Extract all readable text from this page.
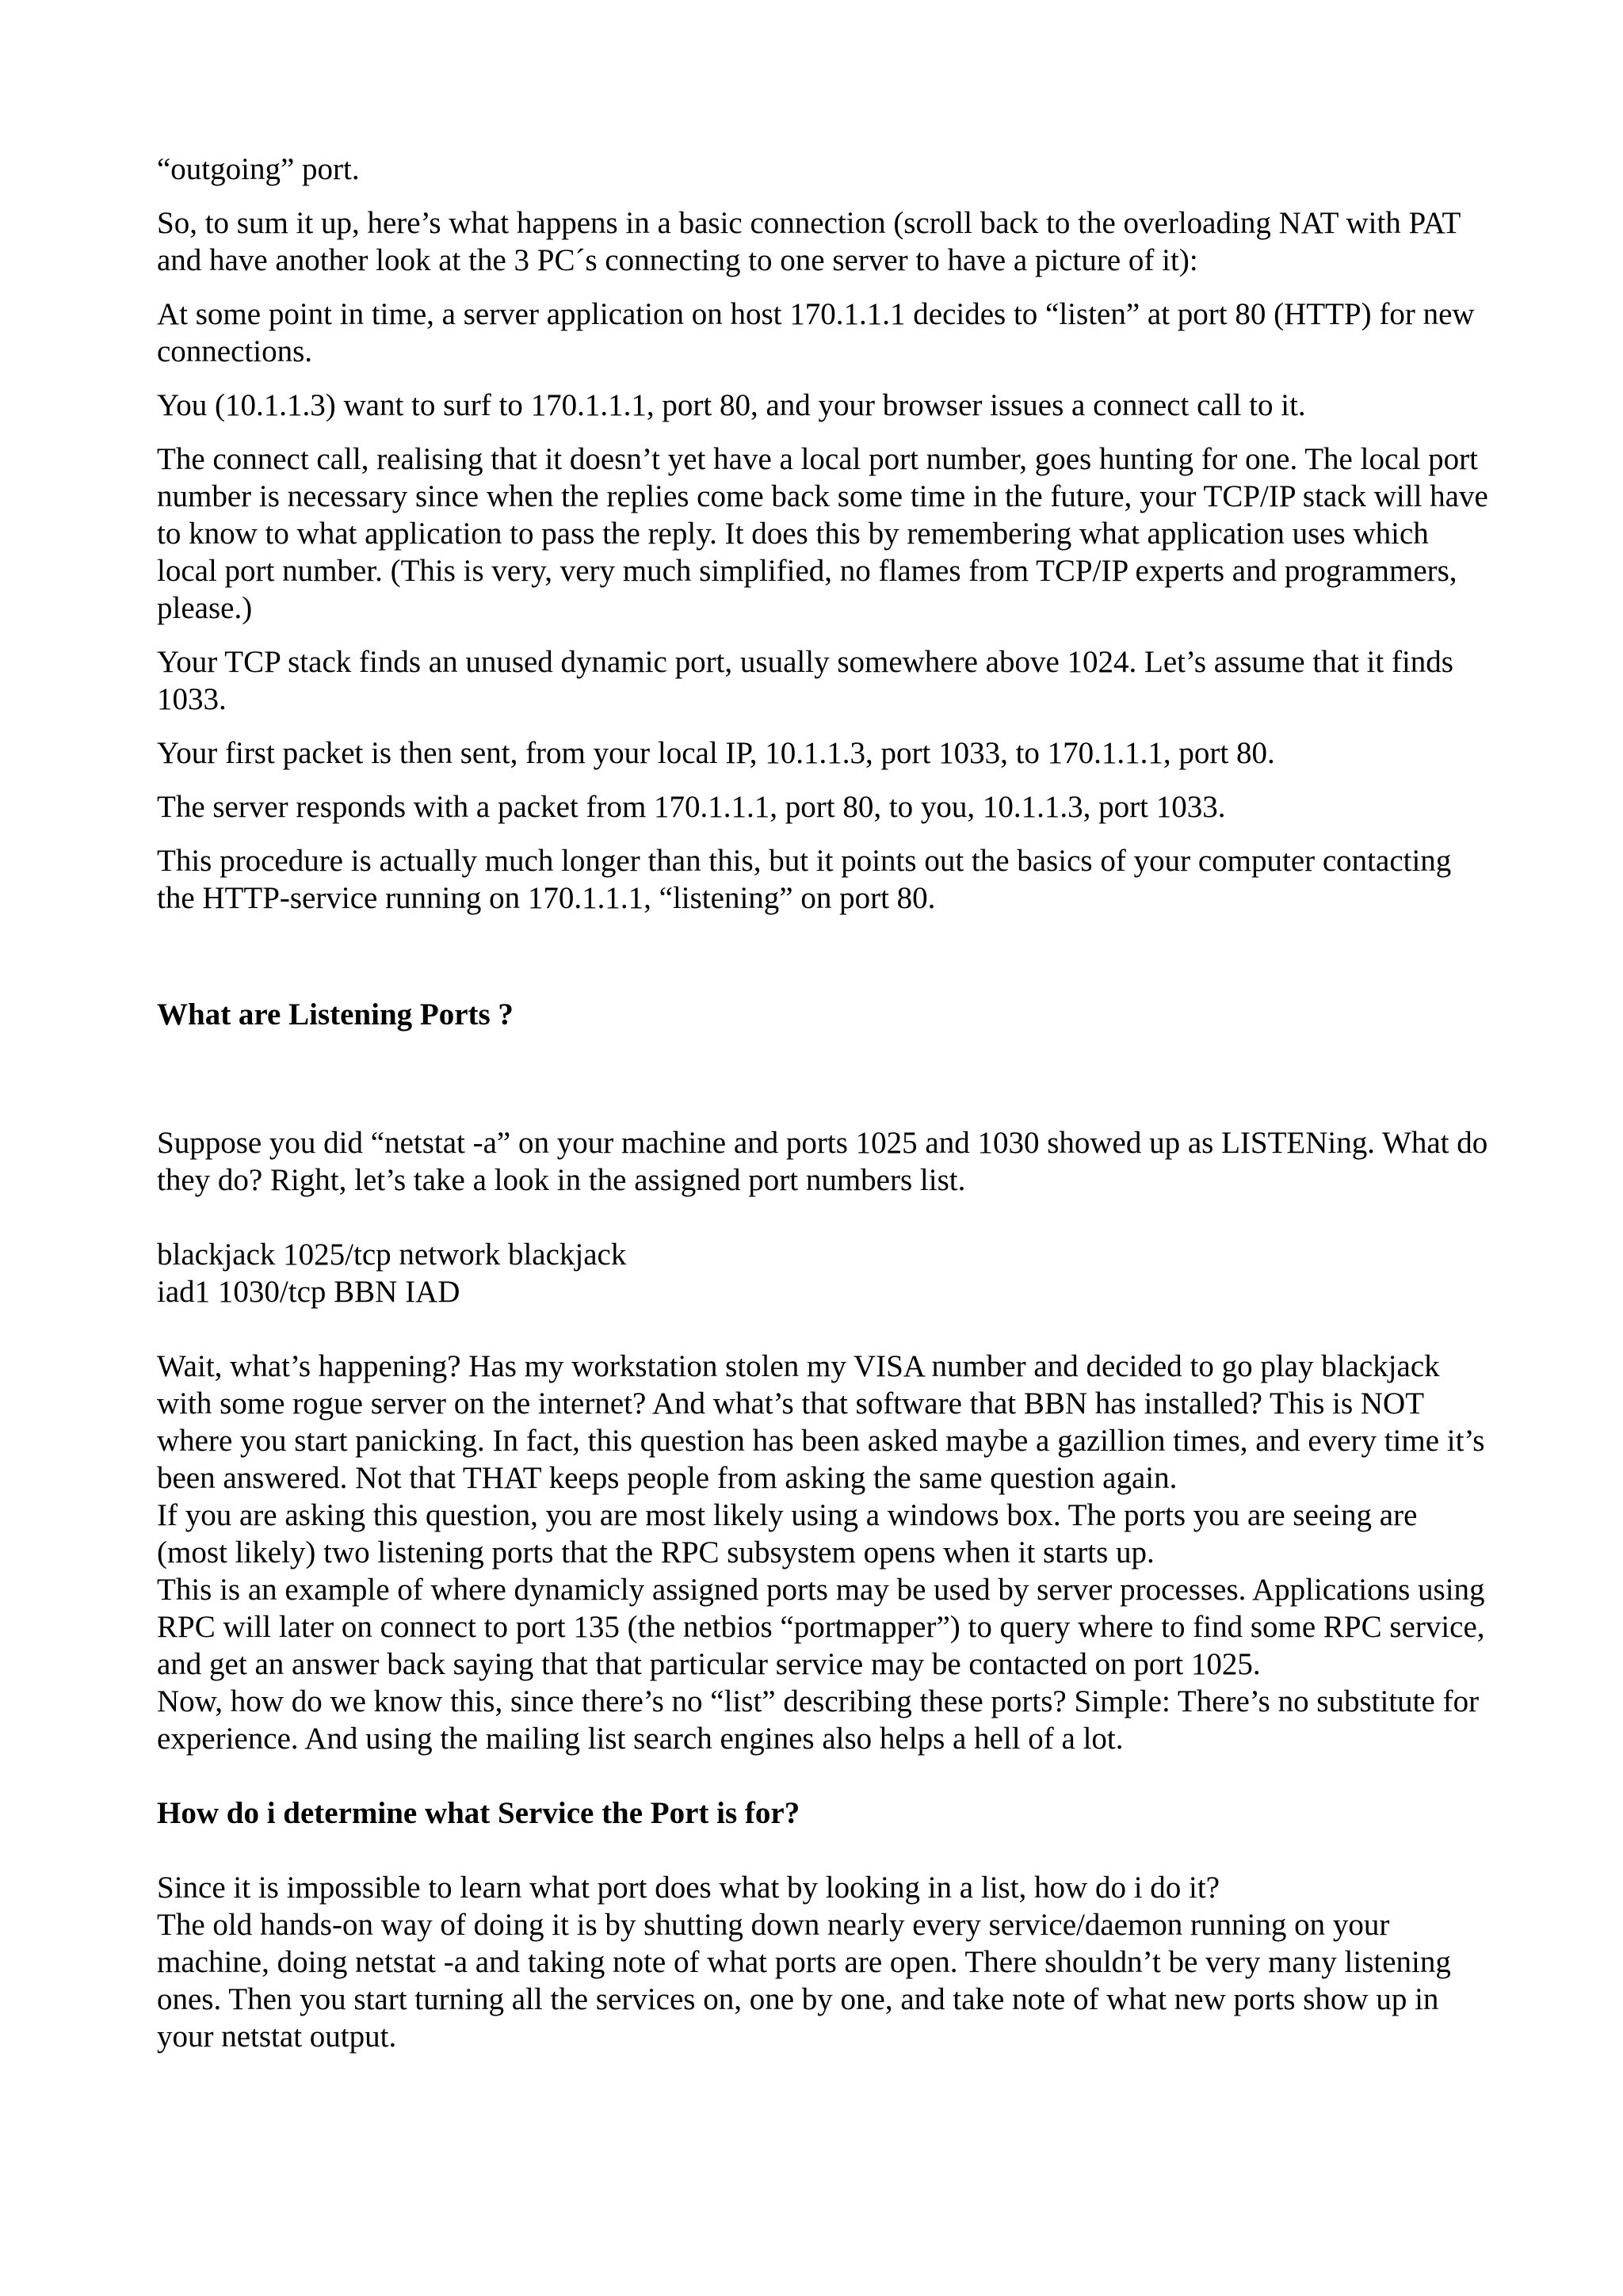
“outgoing” port.

So, to sum it up, here’s what happens in a basic connection (scroll back to the overloading NAT with PAT and have another look at the 3 PC´s connecting to one server to have a picture of it):

At some point in time, a server application on host 170.1.1.1 decides to “listen” at port 80 (HTTP) for new connections.

You (10.1.1.3) want to surf to 170.1.1.1, port 80, and your browser issues a connect call to it.

The connect call, realising that it doesn’t yet have a local port number, goes hunting for one. The local port number is necessary since when the replies come back some time in the future, your TCP/IP stack will have to know to what application to pass the reply. It does this by remembering what application uses which local port number. (This is very, very much simplified, no flames from TCP/IP experts and programmers, please.)

Your TCP stack finds an unused dynamic port, usually somewhere above 1024. Let’s assume that it finds 1033.

Your first packet is then sent, from your local IP, 10.1.1.3, port 1033, to 170.1.1.1, port 80.

The server responds with a packet from 170.1.1.1, port 80, to you, 10.1.1.3, port 1033.

This procedure is actually much longer than this, but it points out the basics of your computer contacting the HTTP-service running on 170.1.1.1, “listening” on port 80.

What are Listening Ports ?

Suppose you did “netstat -a” on your machine and ports 1025 and 1030 showed up as LISTENing. What do they do? Right, let’s take a look in the assigned port numbers list.

blackjack 1025/tcp network blackjack
iad1 1030/tcp BBN IAD

Wait, what’s happening? Has my workstation stolen my VISA number and decided to go play blackjack with some rogue server on the internet? And what’s that software that BBN has installed? This is NOT where you start panicking. In fact, this question has been asked maybe a gazillion times, and every time it’s been answered. Not that THAT keeps people from asking the same question again.

If you are asking this question, you are most likely using a windows box. The ports you are seeing are (most likely) two listening ports that the RPC subsystem opens when it starts up.

This is an example of where dynamicly assigned ports may be used by server processes. Applications using RPC will later on connect to port 135 (the netbios “portmapper”) to query where to find some RPC service, and get an answer back saying that that particular service may be contacted on port 1025.

Now, how do we know this, since there’s no “list” describing these ports? Simple: There’s no substitute for experience. And using the mailing list search engines also helps a hell of a lot.

How do i determine what Service the Port is for?

Since it is impossible to learn what port does what by looking in a list, how do i do it?

The old hands-on way of doing it is by shutting down nearly every service/daemon running on your machine, doing netstat -a and taking note of what ports are open. There shouldn’t be very many listening ones. Then you start turning all the services on, one by one, and take note of what new ports show up in your netstat output.
